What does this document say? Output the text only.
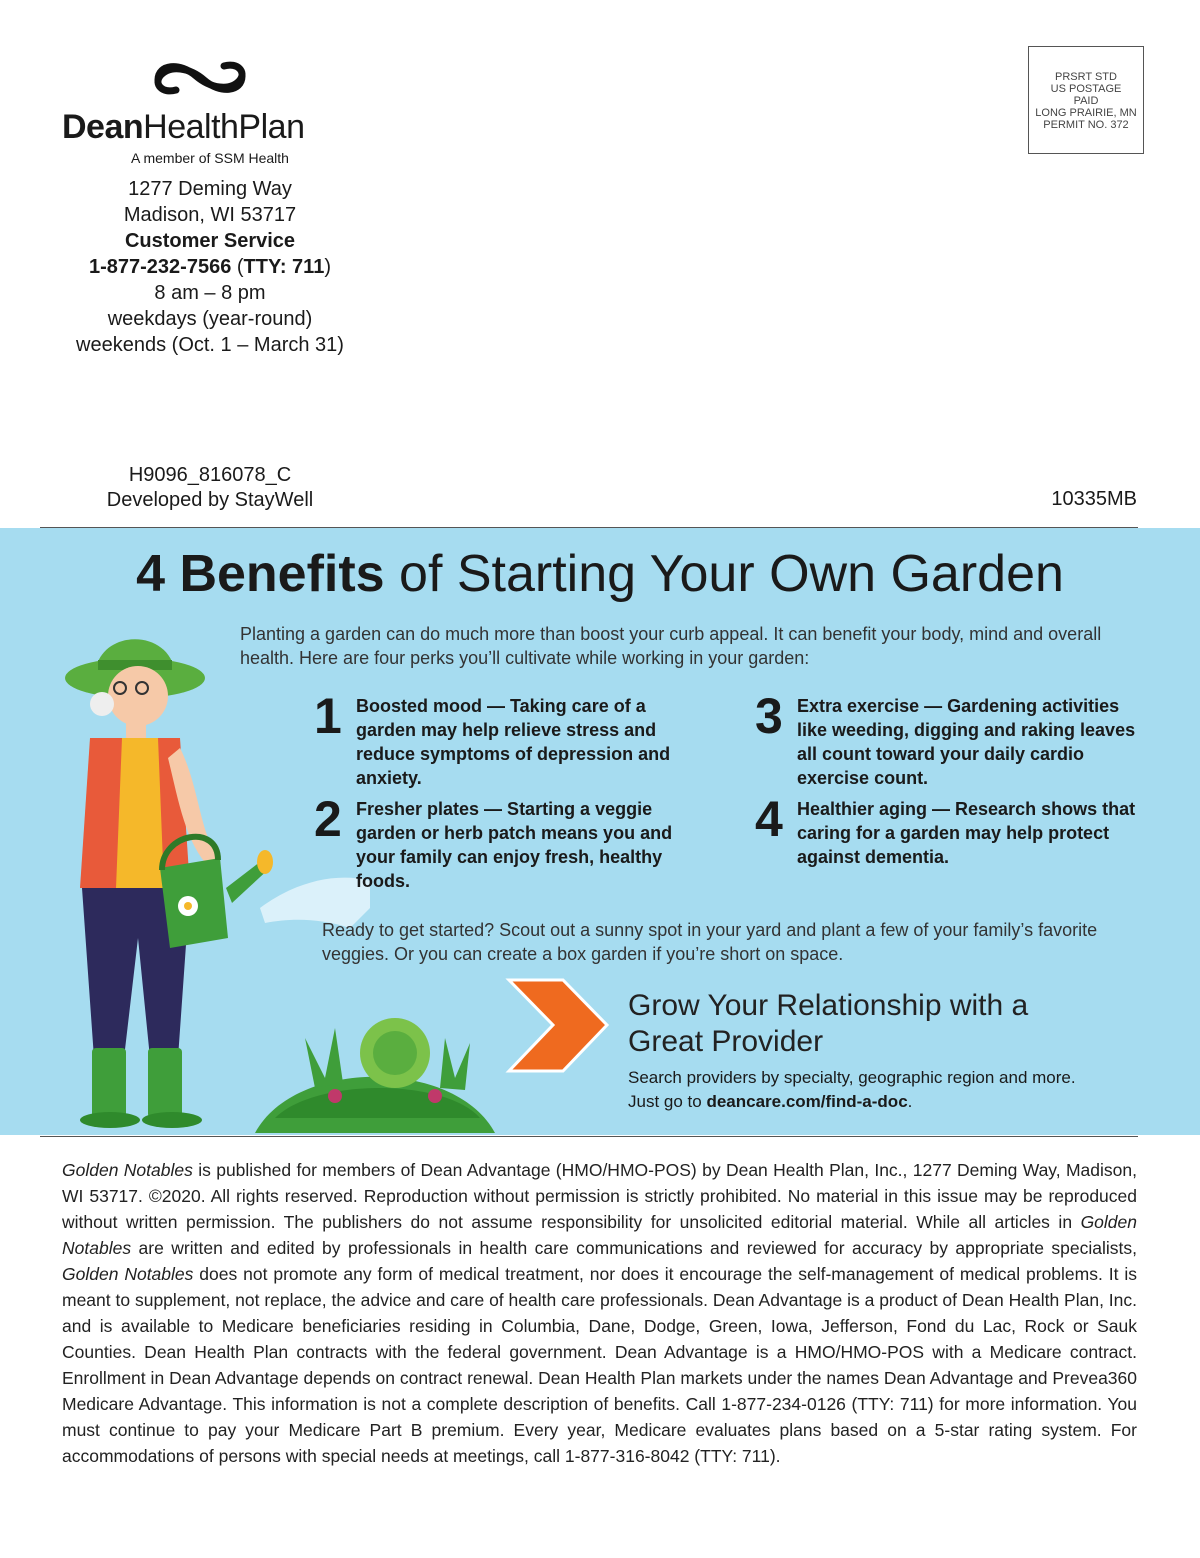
DeanHealthPlan
A member of SSM Health
1277 Deming Way
Madison, WI 53717
Customer Service
1-877-232-7566 (TTY: 711)
8 am – 8 pm
weekdays (year-round)
weekends (Oct. 1 – March 31)
PRSRT STD
US POSTAGE
PAID
LONG PRAIRIE, MN
PERMIT NO. 372
H9096_816078_C
Developed by StayWell	10335MB
4 Benefits of Starting Your Own Garden
Planting a garden can do much more than boost your curb appeal. It can benefit your body, mind and overall health. Here are four perks you’ll cultivate while working in your garden:
1 Boosted mood — Taking care of a garden may help relieve stress and reduce symptoms of depression and anxiety.
2 Fresher plates — Starting a veggie garden or herb patch means you and your family can enjoy fresh, healthy foods.
3 Extra exercise — Gardening activities like weeding, digging and raking leaves all count toward your daily cardio exercise count.
4 Healthier aging — Research shows that caring for a garden may help protect against dementia.
Ready to get started? Scout out a sunny spot in your yard and plant a few of your family’s favorite veggies. Or you can create a box garden if you’re short on space.
Grow Your Relationship with a Great Provider
Search providers by specialty, geographic region and more. Just go to deancare.com/find-a-doc.
Golden Notables is published for members of Dean Advantage (HMO/HMO-POS) by Dean Health Plan, Inc., 1277 Deming Way, Madison, WI 53717. ©2020. All rights reserved. Reproduction without permission is strictly prohibited. No material in this issue may be reproduced without written permission. The publishers do not assume responsibility for unsolicited editorial material. While all articles in Golden Notables are written and edited by professionals in health care communications and reviewed for accuracy by appropriate specialists, Golden Notables does not promote any form of medical treatment, nor does it encourage the self-management of medical problems. It is meant to supplement, not replace, the advice and care of health care professionals. Dean Advantage is a product of Dean Health Plan, Inc. and is available to Medicare beneficiaries residing in Columbia, Dane, Dodge, Green, Iowa, Jefferson, Fond du Lac, Rock or Sauk Counties. Dean Health Plan contracts with the federal government. Dean Advantage is a HMO/HMO-POS with a Medicare contract. Enrollment in Dean Advantage depends on contract renewal. Dean Health Plan markets under the names Dean Advantage and Prevea360 Medicare Advantage. This information is not a complete description of benefits. Call 1-877-234-0126 (TTY: 711) for more information. You must continue to pay your Medicare Part B premium. Every year, Medicare evaluates plans based on a 5-star rating system. For accommodations of persons with special needs at meetings, call 1-877-316-8042 (TTY: 711).
